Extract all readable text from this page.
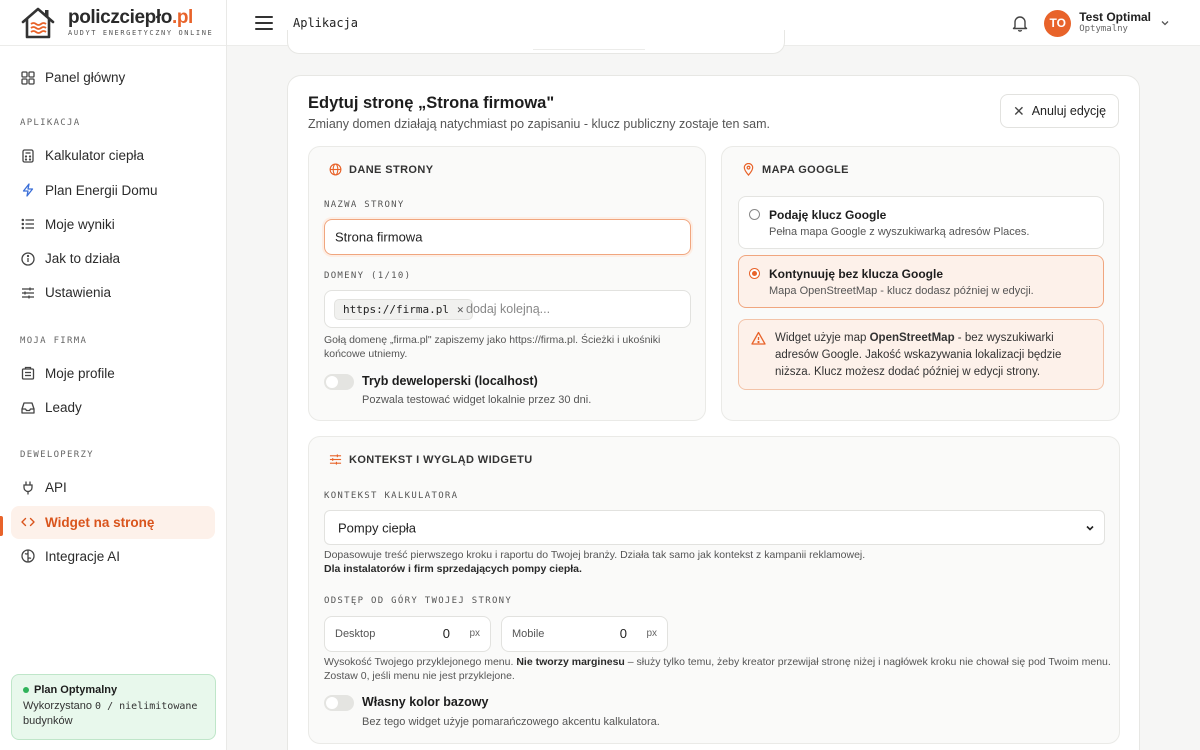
policzciepło.pl
AUDYT ENERGETYCZNY ONLINE
Panel główny
APLIKACJA
Kalkulator ciepła
Plan Energii Domu
Moje wyniki
Jak to działa
Ustawienia
MOJA FIRMA
Moje profile
Leady
DEWELOPERZY
API
Widget na stronę
Integracje AI
Plan Optymalny
Wykorzystano 0 / nielimitowane
budynków
Aplikacja	TO	Test Optimal
Optymalny
Edytuj stronę „Strona firmowa"

Zmiany domen działają natychmiast po zapisaniu - klucz publiczny zostaje ten sam.

✕ Anuluj edycję
DANE STRONY
NAZWA STRONY
Strona firmowa
DOMENY (1/10)
https://firma.pl ✕ dodaj kolejną...
Gołą domenę „firma.pl" zapiszemy jako https://firma.pl. Ścieżki i ukośniki
końcowe utniemy.
Tryb deweloperski (localhost)
Pozwala testować widget lokalnie przez 30 dni.
MAPA GOOGLE
Podaję klucz Google
Pełna mapa Google z wyszukiwarką adresów Places.
Kontynuuję bez klucza Google
Mapa OpenStreetMap - klucz dodasz później w edycji.
Widget użyje map OpenStreetMap - bez wyszukiwarki adresów Google. Jakość wskazywania lokalizacji będzie niższa. Klucz możesz dodać później w edycji strony.
KONTEKST I WYGLĄD WIDGETU
KONTEKST KALKULATORA
Pompy ciepła
Dopasowuje treść pierwszego kroku i raportu do Twojej branży. Działa tak samo jak kontekst z kampanii reklamowej.
Dla instalatorów i firm sprzedających pompy ciepła.
ODSTĘP OD GÓRY TWOJEJ STRONY
Desktop	0 px	Mobile	0 px
Wysokość Twojego przyklejonego menu. Nie tworzy marginesu – służy tylko temu, żeby kreator przewijał stronę niżej i nagłówek kroku nie chował się pod Twoim menu.
Zostaw 0, jeśli menu nie jest przyklejone.
Własny kolor bazowy
Bez tego widget użyje pomarańczowego akcentu kalkulatora.
